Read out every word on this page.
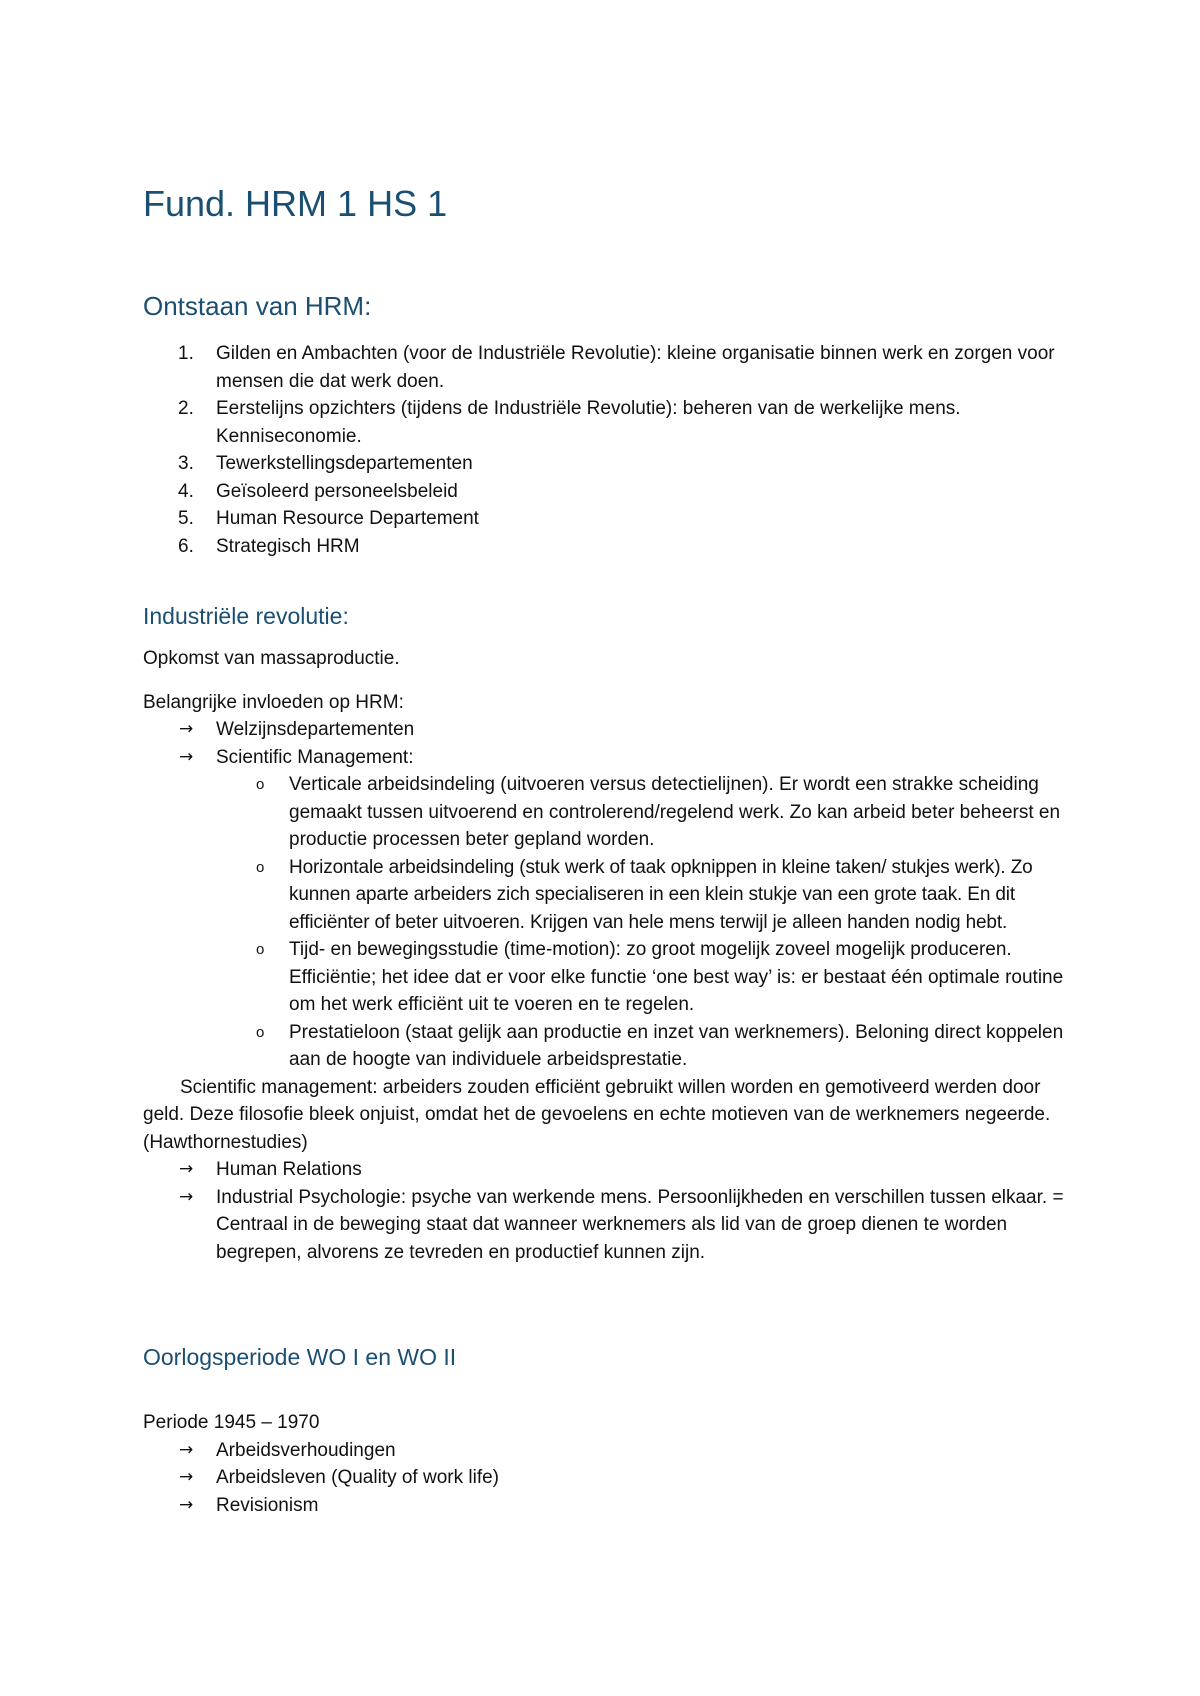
Fund. HRM 1 HS 1
Ontstaan van HRM:
1. Gilden en Ambachten (voor de Industriële Revolutie): kleine organisatie binnen werk en zorgen voor mensen die dat werk doen.
2. Eerstelijns opzichters (tijdens de Industriële Revolutie): beheren van de werkelijke mens. Kenniseconomie.
3. Tewerkstellingsdepartementen
4. Geïsoleerd personeelsbeleid
5. Human Resource Departement
6. Strategisch HRM
Industriële revolutie:

Opkomst van massaproductie.

Belangrijke invloeden op HRM:

→ Welzijnsdepartementen
→ Scientific Management:
o Verticale arbeidsindeling (uitvoeren versus detectielijnen). Er wordt een strakke scheiding gemaakt tussen uitvoerend en controlerend/regelend werk. Zo kan arbeid beter beheerst en productie processen beter gepland worden.
o Horizontale arbeidsindeling (stuk werk of taak opknippen in kleine taken/ stukjes werk). Zo kunnen aparte arbeiders zich specialiseren in een klein stukje van een grote taak. En dit efficiënter of beter uitvoeren. Krijgen van hele mens terwijl je alleen handen nodig hebt.
o Tijd- en bewegingsstudie (time-motion): zo groot mogelijk zoveel mogelijk produceren. Efficiëntie; het idee dat er voor elke functie ‘one best way’ is: er bestaat één optimale routine om het werk efficiënt uit te voeren en te regelen.
o Prestatieloon (staat gelijk aan productie en inzet van werknemers). Beloning direct koppelen aan de hoogte van individuele arbeidsprestatie.

Scientific management: arbeiders zouden efficiënt gebruikt willen worden en gemotiveerd werden door geld. Deze filosofie bleek onjuist, omdat het de gevoelens en echte motieven van de werknemers negeerde. (Hawthornestudies)

→ Human Relations
→ Industrial Psychologie: psyche van werkende mens. Persoonlijkheden en verschillen tussen elkaar. = Centraal in de beweging staat dat wanneer werknemers als lid van de groep dienen te worden begrepen, alvorens ze tevreden en productief kunnen zijn.
Oorlogsperiode WO I en WO II

Periode 1945 – 1970

→ Arbeidsverhoudingen
→ Arbeidsleven (Quality of work life)
→ Revisionism
